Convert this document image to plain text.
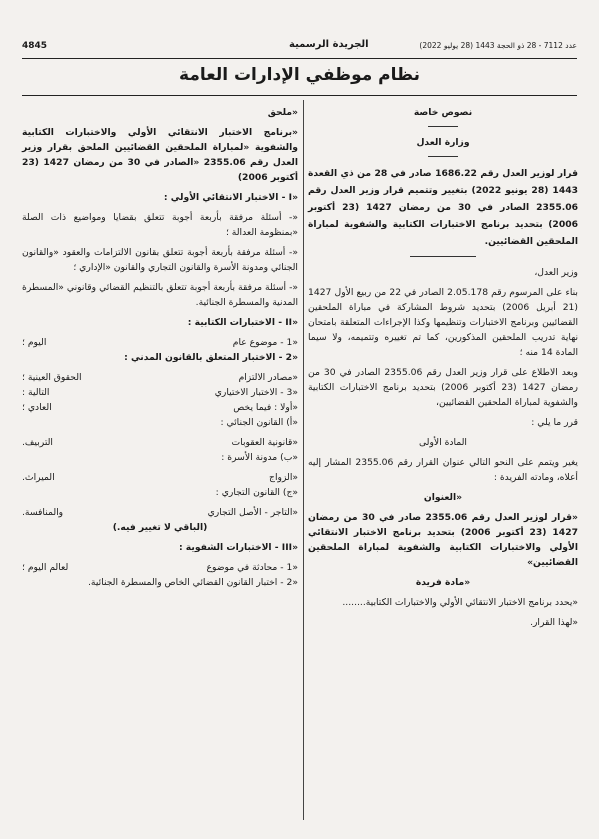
4845	الجريدة الرسمية	عدد 7112 - 28 ذو الحجة 1443 (28 يوليو 2022)
نظام موظفي الإدارات العامة

نصوص خاصة

وزارة العدل

قرار لوزير العدل رقم 1686.22 صادر في 28 من ذي القعدة 1443 (28 يونيو 2022) بتغيير وتتميم قرار وزير العدل رقم 2355.06 الصادر في 30 من رمضان 1427 (23 أكتوبر 2006) بتحديد برنامج الاختبارات الكتابية والشفوية لمباراة الملحقين القضائيين.

وزير العدل،

بناء على المرسوم رقم 2.05.178 الصادر في 22 من ربيع الأول 1427 (21 أبريل 2006) بتحديد شروط المشاركة في مباراة الملحقين القضائيين وبرنامج الاختبارات وتنظيمها وكذا الإجراءات المتعلقة بامتحان نهاية تدريب الملحقين المذكورين، كما تم تغييره وتتميمه، ولا سيما المادة 14 منه ؛

وبعد الاطلاع على قرار وزير العدل رقم 2355.06 الصادر في 30 من رمضان 1427 (23 أكتوبر 2006) بتحديد برنامج الاختبارات الكتابية والشفوية لمباراة الملحقين القضائيين،

قرر ما يلي :

المادة الأولى

يغير ويتمم على النحو التالي عنوان القرار رقم 2355.06 المشار إليه أعلاه، ومادته الفريدة :

«العنوان

«قرار لوزير العدل رقم 2355.06 صادر في 30 من رمضان 1427 (23 أكتوبر 2006) بتحديد برنامج الاختبار الانتقائي الأولي والاختبارات الكتابية والشفوية لمباراة الملحقين القضائيين»

«مادة فريدة

«يحدد برنامج الاختبار الانتقائي الأولي والاختبارات الكتابية........

«لهذا القرار.

«ملحق

«برنامج الاختبار الانتقائي الأولي والاختبارات الكتابية والشفوية «لمباراة الملحقين القضائيين الملحق بقرار وزير العدل رقم 2355.06 «الصادر في 30 من رمضان 1427 (23 أكتوبر 2006)

«I - الاختبار الانتقائي الأولي :

«- أسئلة مرفقة بأربعة أجوبة تتعلق بقضايا ومواضيع ذات الصلة «بمنظومة العدالة ؛

«- أسئلة مرفقة بأربعة أجوبة تتعلق بقانون الالتزامات والعقود «والقانون الجنائي ومدونة الأسرة والقانون التجاري والقانون «الإداري ؛

«- أسئلة مرفقة بأربعة أجوبة تتعلق بالتنظيم القضائي وقانوني «المسطرة المدنية والمسطرة الجنائية.

«II - الاختبارات الكتابية :

«1 - موضوع عام
اليوم ؛

«2 - الاختبار المتعلق بالقانون المدني :

«مصادر الالتزام
الحقوق العينية ؛
«3 - الاختبار الاختياري
التالية :
«أولا : فيما يخص
العادي ؛

«أ) القانون الجنائي :

«قانونية العقوبات
التربيف.

«ب) مدونة الأسرة :

«الزواج
الميراث.

«ج) القانون التجاري :

«التاجر - الأصل التجاري
والمنافسة.

(الباقي لا تغيير فيه.)

«III - الاختبارات الشفوية :

«1 - محادثة في موضوع
لعالم اليوم ؛

«2 - اختبار القانون القضائي الخاص والمسطرة الجنائية.
